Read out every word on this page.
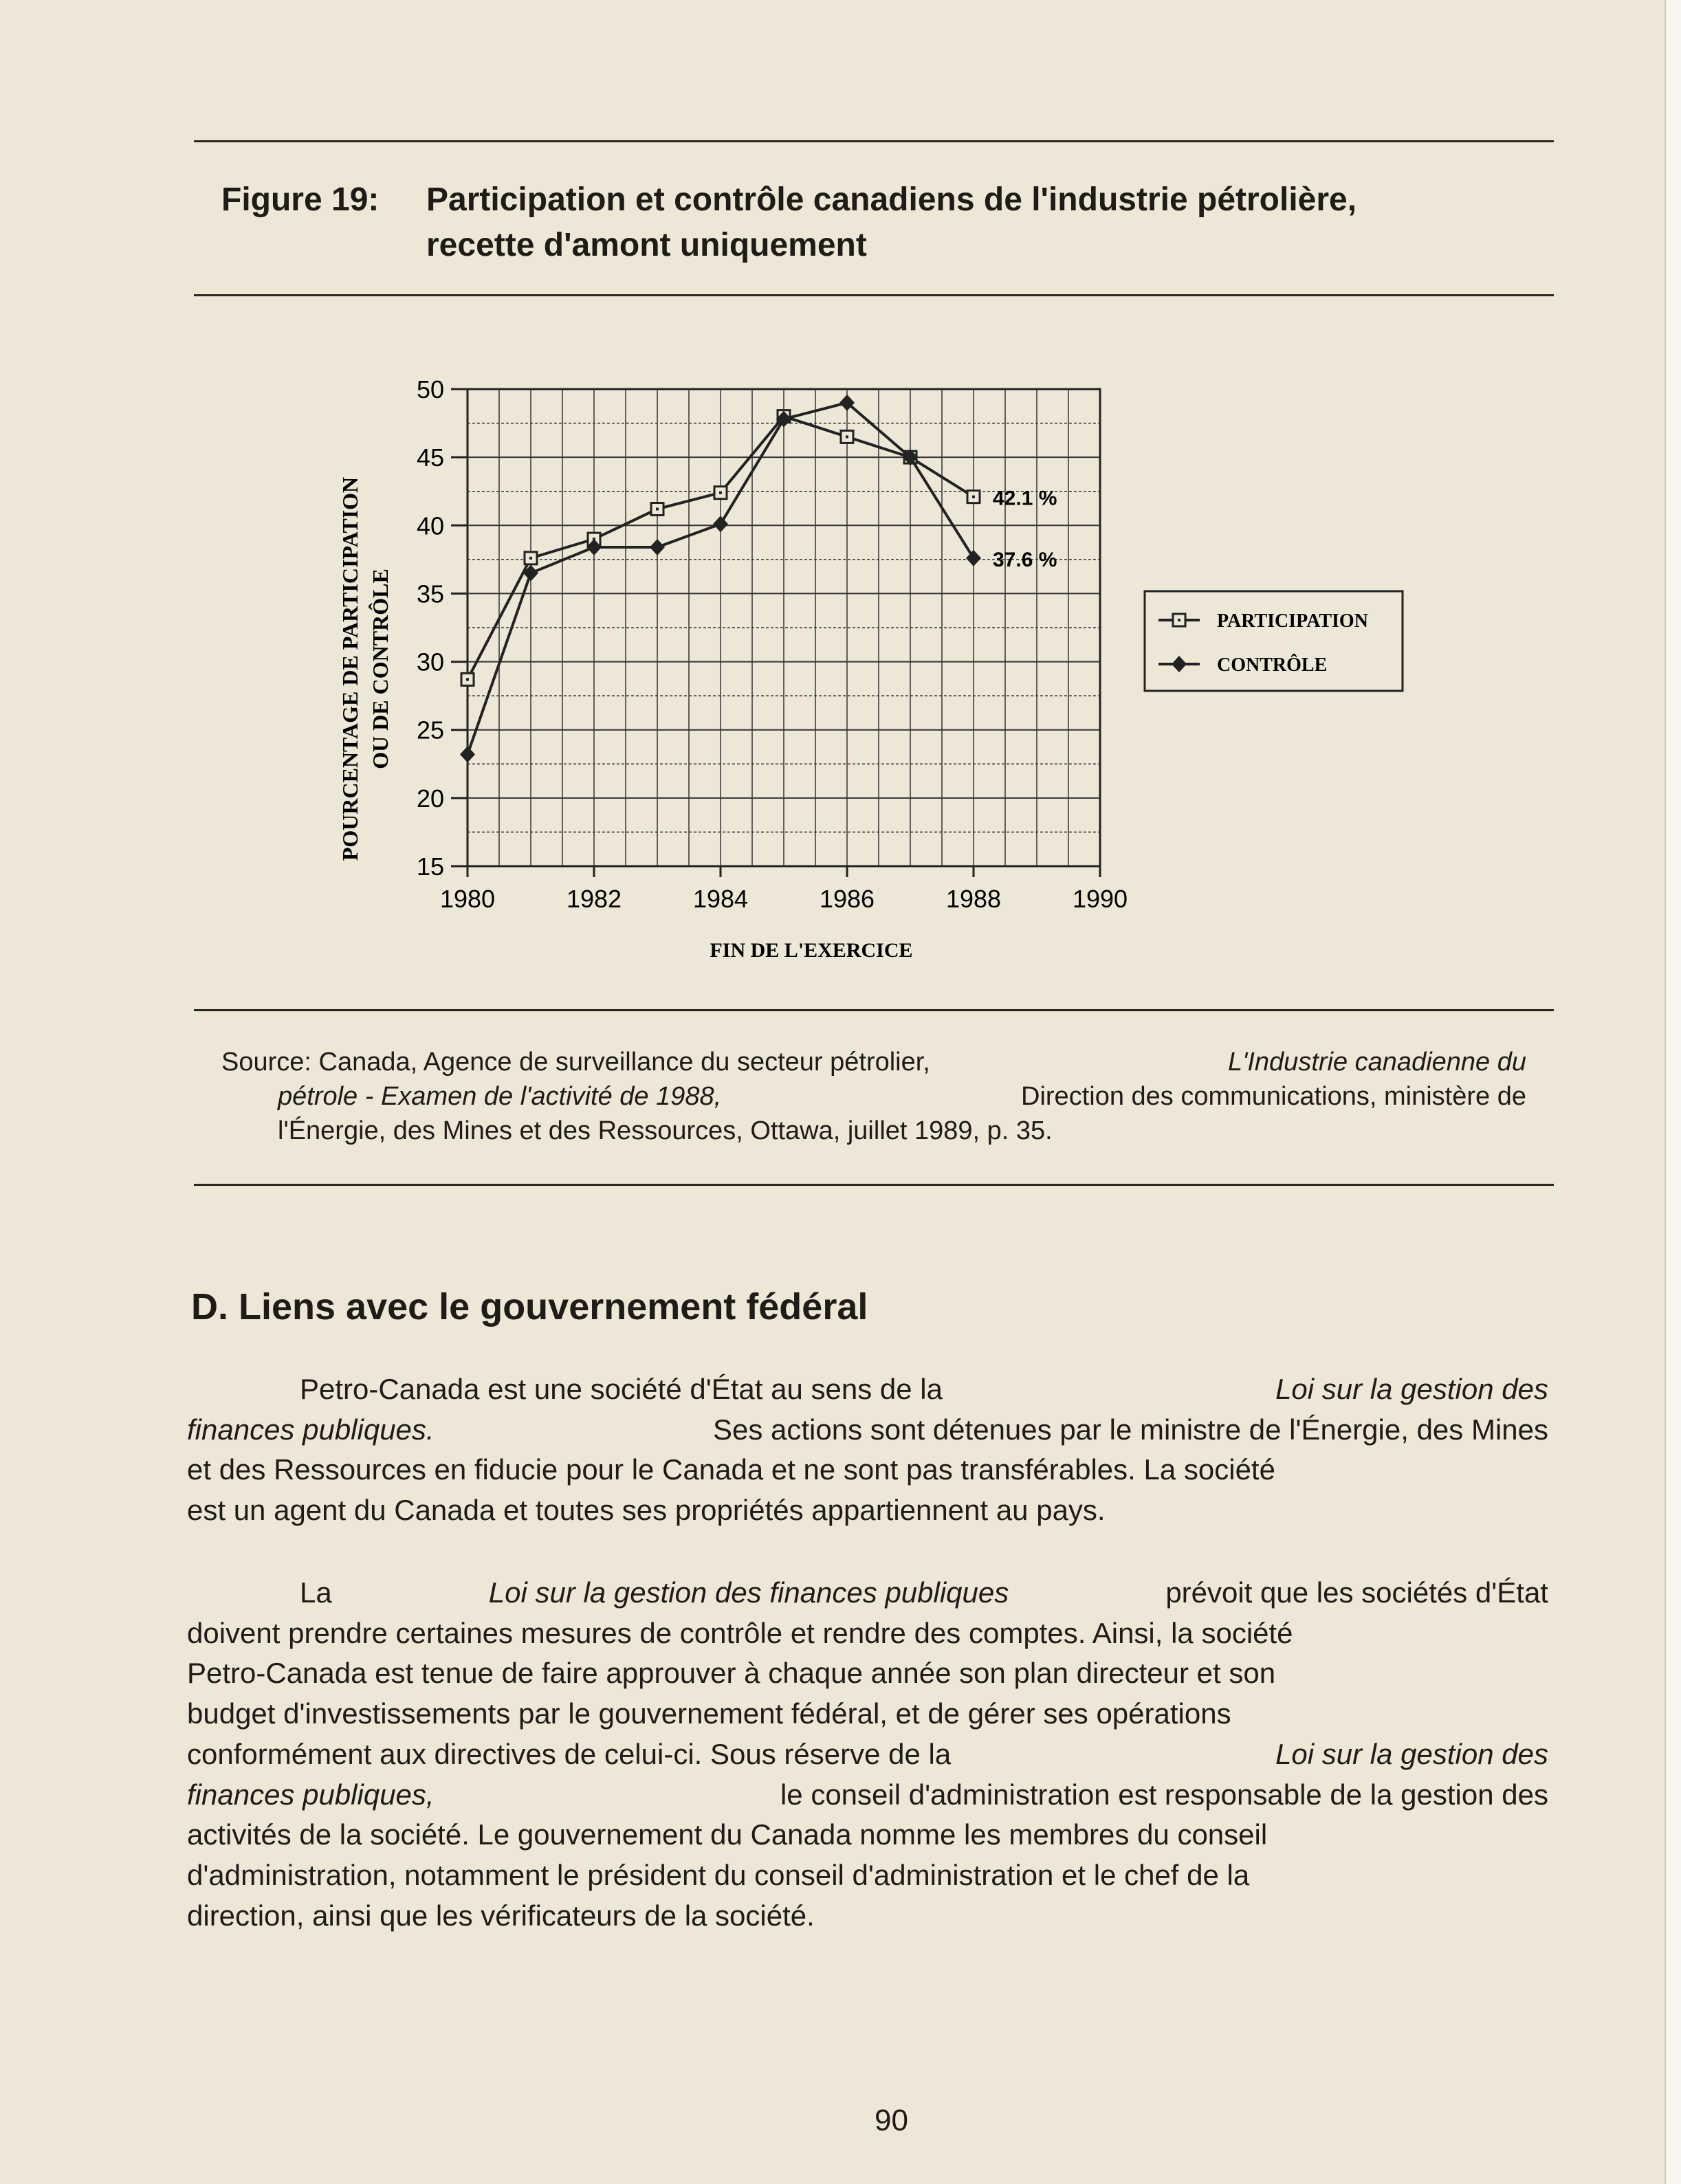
Figure 19: Participation et contrôle canadiens de l'industrie pétrolière,
recette d'amont uniquement
15
20
25
30
35
40
45
50
1980	1982	1984	1986	1988	1990
POURCENTAGE DE PARTICIPATION OU DE CONTRÔLE
FIN DE L'EXERCICE
42.1 %
37.6 %
PARTICIPATION
CONTRÔLE
Source: Canada, Agence de surveillance du secteur pétrolier,	L'Industrie canadienne du
pétrole - Examen de l'activité de 1988,	Direction des communications, ministère de
l'Énergie, des Mines et des Ressources, Ottawa, juillet 1989, p. 35.
D. Liens avec le gouvernement fédéral
Petro-Canada est une société d'État au sens de la	Loi sur la gestion des
finances publiques.	Ses actions sont détenues par le ministre de l'Énergie, des Mines
et des Ressources en fiducie pour le Canada et ne sont pas transférables. La société
est un agent du Canada et toutes ses propriétés appartiennent au pays.
La	Loi sur la gestion des finances publiques	prévoit que les sociétés d'État
doivent prendre certaines mesures de contrôle et rendre des comptes. Ainsi, la société
Petro-Canada est tenue de faire approuver à chaque année son plan directeur et son
budget d'investissements par le gouvernement fédéral, et de gérer ses opérations
conformément aux directives de celui-ci. Sous réserve de la	Loi sur la gestion des
finances publiques,	le conseil d'administration est responsable de la gestion des
activités de la société. Le gouvernement du Canada nomme les membres du conseil
d'administration, notamment le président du conseil d'administration et le chef de la
direction, ainsi que les vérificateurs de la société.
90
